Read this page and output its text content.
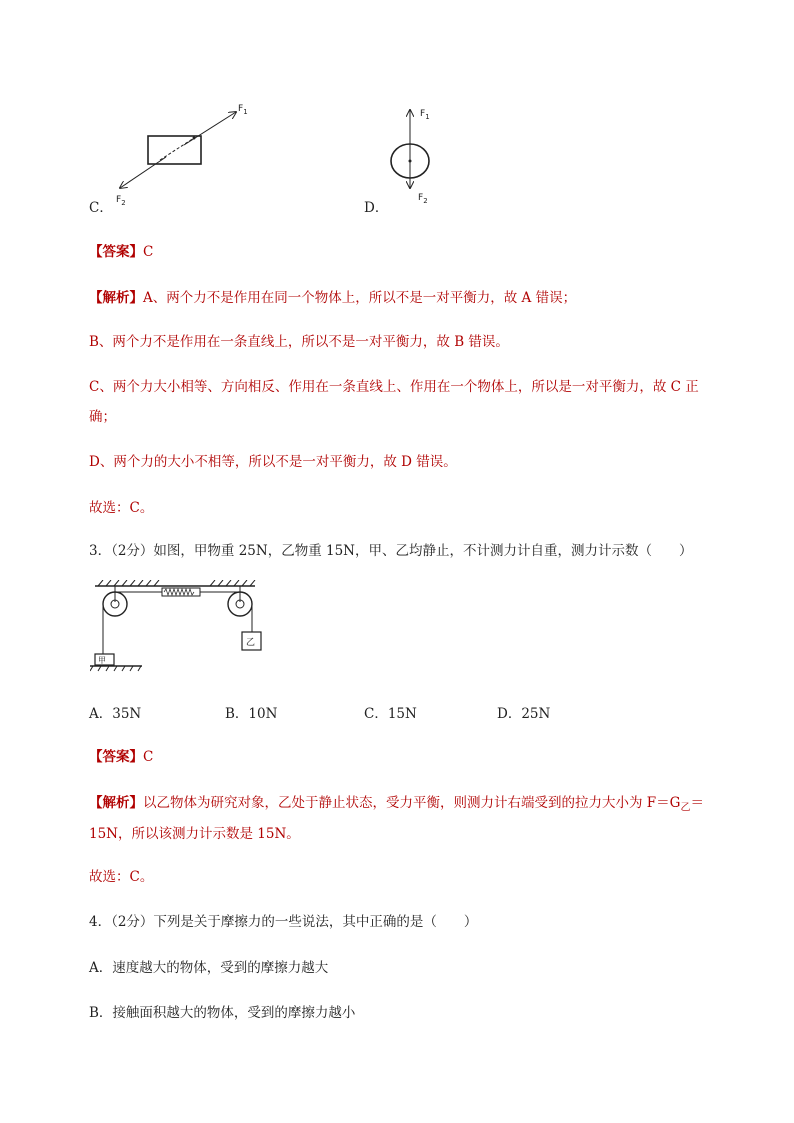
$F_1$
$F_2$
C．
$F_1$
$F_2$
D．
【答案】C
【解析】A、两个力不是作用在同一个物体上，所以不是一对平衡力，故 A 错误；
B、两个力不是作用在一条直线上，所以不是一对平衡力，故 B 错误。
C、两个力大小相等、方向相反、作用在一条直线上、作用在一个物体上，所以是一对平衡力，故 C 正
确；
D、两个力的大小不相等，所以不是一对平衡力，故 D 错误。
故选：C。
3．（2分）如图，甲物重 25N，乙物重 15N，甲、乙均静止，不计测力计自重，测力计示数（　　）
甲
乙
A．35N	B．10N	C．15N	D．25N
【答案】C
【解析】以乙物体为研究对象，乙处于静止状态，受力平衡，则测力计右端受到的拉力大小为 $F=G_乙=$
15N，所以该测力计示数是 15N。
故选：C。
4．（2分）下列是关于摩擦力的一些说法，其中正确的是（　　）
A．速度越大的物体，受到的摩擦力越大
B．接触面积越大的物体，受到的摩擦力越小
